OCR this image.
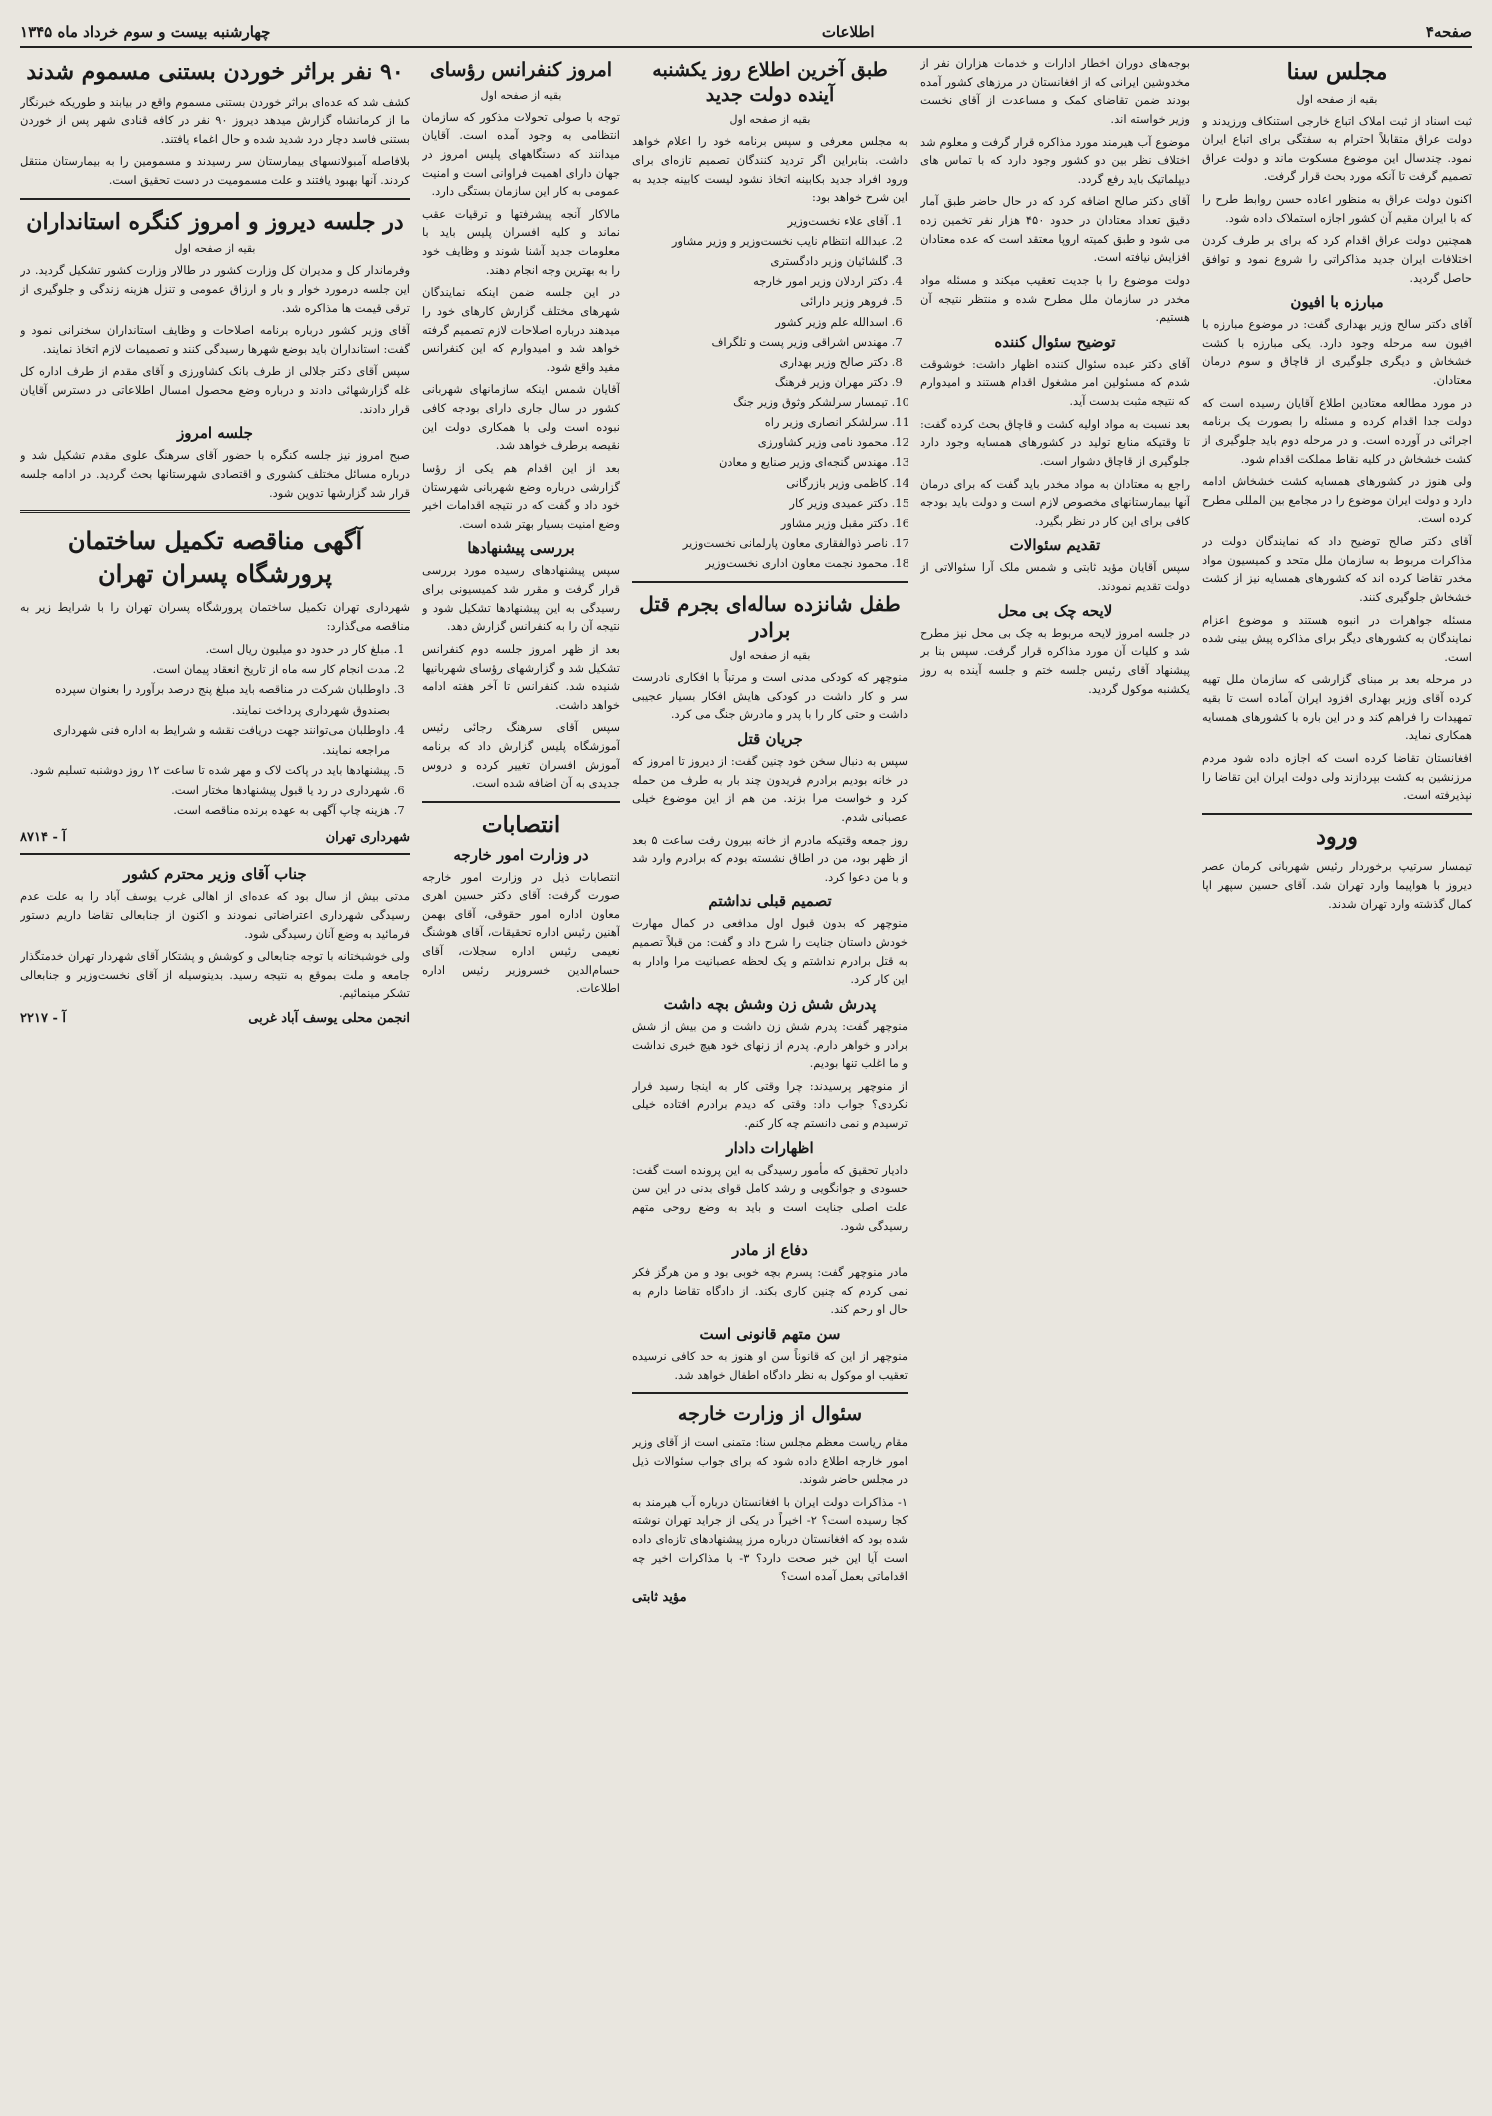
صفحه۴
اطلاعات
چهارشنبه بیست و سوم خرداد ماه ۱۳۴۵
مجلس سنا
بقیه از صفحه اول

ثبت اسناد از ثبت املاک اتباع خارجی استنکاف ورزیدند و دولت عراق متقابلاً احترام به سفتگی برای اتباع ایران نمود. چندسال این موضوع مسکوت ماند و دولت عراق تصمیم گرفت تا آنکه مورد بحث قرار گرفت.

اکنون دولت عراق به منظور اعاده حسن روابط طرح را که با ایران مقیم آن کشور اجازه استملاک داده شود.

همچنین دولت عراق اقدام کرد که برای بر طرف کردن اختلافات ایران جدید مذاکراتی را شروع نمود و توافق حاصل گردید.

مبارزه با افیون

آقای دکتر سالح وزیر بهداری گفت: در موضوع مبارزه با افیون سه مرحله وجود دارد. یکی مبارزه با کشت خشخاش و دیگری جلوگیری از قاچاق و سوم درمان معتادان.

در مورد مطالعه معتادین اطلاع آقایان رسیده است که دولت جدا اقدام کرده و مسئله را بصورت یک برنامه اجرائی در آورده است. و در مرحله دوم باید جلوگیری از کشت خشخاش در کلیه نقاط مملکت اقدام شود.

ولی هنوز در کشورهای همسایه کشت خشخاش ادامه دارد و دولت ایران موضوع را در مجامع بین المللی مطرح کرده است.

آقای دکتر صالح توضیح داد که نمایندگان دولت در مذاکرات مربوط به سازمان ملل متحد و کمیسیون مواد مخدر تقاضا کرده اند که کشورهای همسایه نیز از کشت خشخاش جلوگیری کنند.

مسئله جواهرات در انبوه هستند و موضوع اعزام نمایندگان به کشورهای دیگر برای مذاکره پیش بینی شده است.

در مرحله بعد بر مبنای گزارشی که سازمان ملل تهیه کرده آقای وزیر بهداری افزود ایران آماده است تا بقیه تمهیدات را فراهم کند و در این باره با کشورهای همسایه همکاری نماید.

افغانستان تقاضا کرده است که اجازه داده شود مردم مرزنشین به کشت بپردازند ولی دولت ایران این تقاضا را نپذیرفته است.

ورود

تیمسار سرتیپ برخوردار رئیس شهربانی کرمان عصر دیروز با هواپیما وارد تهران شد. آقای حسین سپهر اپا کمال گذشته وارد تهران شدند.

بوجه‌های دوران اخطار ادارات و خدمات هزاران نفر از مخدوشین ایرانی که از افغانستان در مرزهای کشور آمده بودند ضمن تقاضای کمک و مساعدت از آقای نخست وزیر خواسته اند.

موضوع آب هیرمند مورد مذاکره قرار گرفت و معلوم شد اختلاف نظر بین دو کشور وجود دارد که با تماس های دیپلماتیک باید رفع گردد.

آقای دکتر صالح اضافه کرد که در حال حاضر طبق آمار دقیق تعداد معتادان در حدود ۴۵۰ هزار نفر تخمین زده می شود و طبق کمیته اروپا معتقد است که عده معتادان افزایش نیافته است.

دولت موضوع را با جدیت تعقیب میکند و مسئله مواد مخدر در سازمان ملل مطرح شده و منتظر نتیجه آن هستیم.

توضیح سئوال کننده

آقای دکتر عبده سئوال کننده اظهار داشت: خوشوقت شدم که مسئولین امر مشغول اقدام هستند و امیدوارم که نتیجه مثبت بدست آید.

بعد نسبت به مواد اولیه کشت و قاچاق بحث کرده گفت: تا وقتیکه منابع تولید در کشورهای همسایه وجود دارد جلوگیری از قاچاق دشوار است.

راجع به معتادان به مواد مخدر باید گفت که برای درمان آنها بیمارستانهای مخصوص لازم است و دولت باید بودجه کافی برای این کار در نظر بگیرد.

تقدیم سئوالات

سپس آقایان مؤید ثابتی و شمس ملک آرا سئوالاتی از دولت تقدیم نمودند.

لایحه چک بی محل

در جلسه امروز لایحه مربوط به چک بی محل نیز مطرح شد و کلیات آن مورد مذاکره قرار گرفت. سپس بنا بر پیشنهاد آقای رئیس جلسه ختم و جلسه آینده به روز یکشنبه موکول گردید.

طبق آخرین اطلاع روز یکشنبه آینده دولت جدید
بقیه از صفحه اول

به مجلس معرفی و سپس برنامه خود را اعلام خواهد داشت. بنابراین اگر تردید کنندگان تصمیم تازه‌ای برای ورود افراد جدید بکابینه اتخاذ نشود لیست کابینه جدید به این شرح خواهد بود:

1. آقای علاء نخست‌وزیر
2. عبدالله انتظام نایب نخست‌وزیر و وزیر مشاور
3. گلشائیان وزیر دادگستری
4. دکتر اردلان وزیر امور خارجه
5. فروهر وزیر دارائی
6. اسدالله علم وزیر کشور
7. مهندس اشراقی وزیر پست و تلگراف
8. دکتر صالح وزیر بهداری
9. دکتر مهران وزیر فرهنگ
10. تیمسار سرلشکر وثوق وزیر جنگ
11. سرلشکر انصاری وزیر راه
12. محمود نامی وزیر کشاورزی
13. مهندس گنجه‌ای وزیر صنایع و معادن
14. کاظمی وزیر بازرگانی
15. دکتر عمیدی وزیر کار
16. دکتر مقبل وزیر مشاور
17. ناصر ذوالفقاری معاون پارلمانی نخست‌وزیر
18. محمود نجمت معاون اداری نخست‌وزیر
طفل شانزده ساله‌ای بجرم قتل برادر
بقیه از صفحه اول

منوچهر که کودکی مدنی است و مرتباً با افکاری نادرست سر و کار داشت در کودکی هایش افکار بسیار عجیبی داشت و حتی کار را با پدر و مادرش جنگ می کرد.

جریان قتل

سپس به دنبال سخن خود چنین گفت: از دیروز تا امروز که در خانه بودیم برادرم فریدون چند بار به طرف من حمله کرد و خواست مرا بزند. من هم از این موضوع خیلی عصبانی شدم.

روز جمعه وقتیکه مادرم از خانه بیرون رفت ساعت ۵ بعد از ظهر بود، من در اطاق نشسته بودم که برادرم وارد شد و با من دعوا کرد.

تصمیم قبلی نداشتم

منوچهر که بدون قبول اول مدافعی در کمال مهارت خودش داستان جنایت را شرح داد و گفت: من قبلاً تصمیم به قتل برادرم نداشتم و یک لحظه عصبانیت مرا وادار به این کار کرد.

پدرش شش زن وشش بچه داشت

منوچهر گفت: پدرم شش زن داشت و من بیش از شش برادر و خواهر دارم. پدرم از زنهای خود هیچ خبری نداشت و ما اغلب تنها بودیم.

از منوچهر پرسیدند: چرا وقتی کار به اینجا رسید فرار نکردی؟ جواب داد: وقتی که دیدم برادرم افتاده خیلی ترسیدم و نمی دانستم چه کار کنم.

اظهارات دادار

دادیار تحقیق که مأمور رسیدگی به این پرونده است گفت: حسودی و جوانگویی و رشد کامل قوای بدنی در این سن علت اصلی جنایت است و باید به وضع روحی متهم رسیدگی شود.

دفاع از مادر

مادر منوچهر گفت: پسرم بچه خوبی بود و من هرگز فکر نمی کردم که چنین کاری بکند. از دادگاه تقاضا دارم به حال او رحم کند.

سن متهم قانونی است

منوچهر از این که قانوناً سن او هنوز به حد کافی نرسیده تعقیب او موکول به نظر دادگاه اطفال خواهد شد.

سئوال از وزارت خارجه

مقام ریاست معظم مجلس سنا: متمنی است از آقای وزیر امور خارجه اطلاع داده شود که برای جواب سئوالات ذیل در مجلس حاضر شوند.

۱- مذاکرات دولت ایران با افغانستان درباره آب هیرمند به کجا رسیده است؟ ۲- اخیراً در یکی از جراید تهران نوشته شده بود که افغانستان درباره مرز پیشنهادهای تازه‌ای داده است آیا این خبر صحت دارد؟ ۳- با مذاکرات اخیر چه اقداماتی بعمل آمده است؟

مؤید ثابتی
امروز کنفرانس رؤسای
بقیه از صفحه اول

توجه با صولی تحولات مذکور که سازمان انتظامی به وجود آمده است. آقایان میدانند که دستگاههای پلیس امروز در جهان دارای اهمیت فراوانی است و امنیت عمومی به کار این سازمان بستگی دارد.

مالاکار آنجه پیشرفتها و ترقیات عقب نماند و کلیه افسران پلیس باید با معلومات جدید آشنا شوند و وظایف خود را به بهترین وجه انجام دهند.

در این جلسه ضمن اینکه نمایندگان شهرهای مختلف گزارش کارهای خود را میدهند درباره اصلاحات لازم تصمیم گرفته خواهد شد و امیدوارم که این کنفرانس مفید واقع شود.

آقایان شمس اینکه سازمانهای شهربانی کشور در سال جاری دارای بودجه کافی نبوده است ولی با همکاری دولت این نقیصه برطرف خواهد شد.

بعد از این اقدام هم یکی از رؤسا گزارشی درباره وضع شهربانی شهرستان خود داد و گفت که در نتیجه اقدامات اخیر وضع امنیت بسیار بهتر شده است.

بررسی پیشنهادها

سپس پیشنهادهای رسیده مورد بررسی قرار گرفت و مقرر شد کمیسیونی برای رسیدگی به این پیشنهادها تشکیل شود و نتیجه آن را به کنفرانس گزارش دهد.

بعد از ظهر امروز جلسه دوم کنفرانس تشکیل شد و گزارشهای رؤسای شهربانیها شنیده شد. کنفرانس تا آخر هفته ادامه خواهد داشت.

سپس آقای سرهنگ رجائی رئیس آموزشگاه پلیس گزارش داد که برنامه آموزش افسران تغییر کرده و دروس جدیدی به آن اضافه شده است.

انتصابات
در وزارت امور خارجه

انتصابات ذیل در وزارت امور خارجه صورت گرفت: آقای دکتر حسین اهری معاون اداره امور حقوقی، آقای بهمن آهنین رئیس اداره تحقیقات، آقای هوشنگ نعیمی رئیس اداره سجلات، آقای حسام‌الدین خسروزیر رئیس اداره اطلاعات.

۹۰ نفر براثر خوردن بستنی مسموم شدند

کشف شد که عده‌ای براثر خوردن بستنی مسموم واقع در بیابند و طوریکه خبرنگار ما از کرمانشاه گزارش میدهد دیروز ۹۰ نفر در کافه قنادی شهر پس از خوردن بستنی فاسد دچار درد شدید شده و حال اغماء یافتند.

بلافاصله آمبولانسهای بیمارستان سر رسیدند و مسمومین را به بیمارستان منتقل کردند. آنها بهبود یافتند و علت مسمومیت در دست تحقیق است.

در جلسه دیروز و امروز کنگره استانداران
بقیه از صفحه اول

وفرماندار کل و مدیران کل وزارت کشور در طالار وزارت کشور تشکیل گردید. در این جلسه درمورد خوار و بار و ارزاق عمومی و تنزل هزینه زندگی و جلوگیری از ترقی قیمت ها مذاکره شد.

آقای وزیر کشور درباره برنامه اصلاحات و وظایف استانداران سخنرانی نمود و گفت: استانداران باید بوضع شهرها رسیدگی کنند و تصمیمات لازم اتخاذ نمایند.

سپس آقای دکتر جلالی از طرف بانک کشاورزی و آقای مقدم از طرف اداره کل غله گزارشهائی دادند و درباره وضع محصول امسال اطلاعاتی در دسترس آقایان قرار دادند.

جلسه امروز

صبح امروز نیز جلسه کنگره با حضور آقای سرهنگ علوی مقدم تشکیل شد و درباره مسائل مختلف کشوری و اقتصادی شهرستانها بحث گردید. در ادامه جلسه قرار شد گزارشها تدوین شود.

آگهی مناقصه تکمیل ساختمان پرورشگاه پسران تهران

شهرداری تهران تکمیل ساختمان پرورشگاه پسران تهران را با شرایط زیر به مناقصه می‌گذارد:

1. مبلغ کار در حدود دو میلیون ریال است.
2. مدت انجام کار سه ماه از تاریخ انعقاد پیمان است.
3. داوطلبان شرکت در مناقصه باید مبلغ پنج درصد برآورد را بعنوان سپرده بصندوق شهرداری پرداخت نمایند.
4. داوطلبان می‌توانند جهت دریافت نقشه و شرایط به اداره فنی شهرداری مراجعه نمایند.
5. پیشنهادها باید در پاکت لاک و مهر شده تا ساعت ۱۲ روز دوشنبه تسلیم شود.
6. شهرداری در رد یا قبول پیشنهادها مختار است.
7. هزینه چاپ آگهی به عهده برنده مناقصه است.
شهرداری تهران
آ - ۸۷۱۴
جناب آقای وزیر محترم کشور

مدتی بیش از سال بود که عده‌ای از اهالی غرب یوسف آباد را به علت عدم رسیدگی شهرداری اعتراضاتی نمودند و اکنون از جنابعالی تقاضا داریم دستور فرمائید به وضع آنان رسیدگی شود.

ولی خوشبختانه با توجه جنابعالی و کوشش و پشتکار آقای شهردار تهران خدمتگذار جامعه و ملت بموقع به نتیجه رسید. بدینوسیله از آقای نخست‌وزیر و جنابعالی تشکر مینمائیم.

انجمن محلی یوسف آباد غربی
آ - ۲۲۱۷
